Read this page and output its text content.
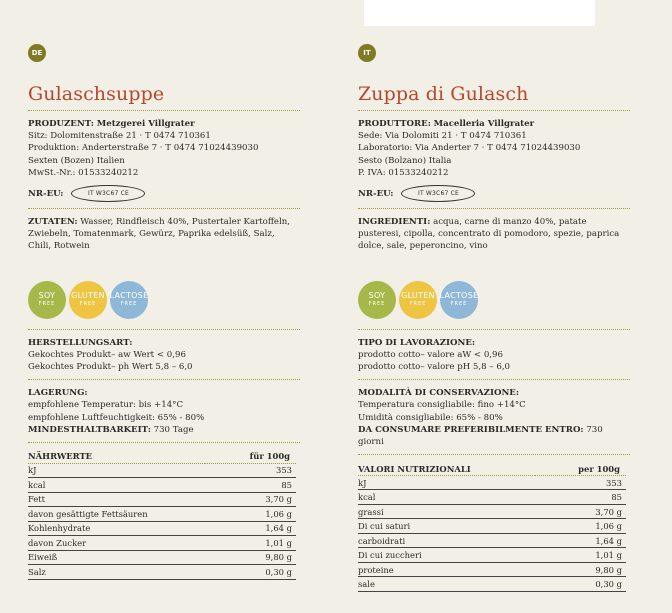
DE
Gulaschsuppe
PRODUZENT: Metzgerei Villgrater
Sitz: Dolomitenstraße 21 · T 0474 710361
Produktion: Anderterstraße 7 · T 0474 71024439030
Sexten (Bozen) Italien
MwSt.-Nr.: 01533240212
NR-EU:	IT W3C67 CE
ZUTATEN: Wasser, Rindfleisch 40%, Pustertaler Kartoffeln, Zwiebeln, Tomatenmark, Gewürz, Paprika edelsüß, Salz, Chili, Rotwein
SOY
FREE
GLUTEN
FREE
LACTOSE
FREE
HERSTELLUNGSART:
Gekochtes Produkt– aw Wert < 0,96
Gekochtes Produkt– ph Wert 5,8 – 6,0
LAGERUNG:
empfohlene Temperatur: bis +14°C
empfohlene Luftfeuchtigkeit: 65% - 80%
MINDESTHALTBARKEIT: 730 Tage
NÄHRWERTE	für 100g
kJ	353
kcal	85
Fett	3,70 g
davon gesättigte Fettsäuren	1,06 g
Kohlenhydrate	1,64 g
davon Zucker	1,01 g
Eiweiß	9,80 g
Salz	0,30 g
IT
Zuppa di Gulasch
PRODUTTORE: Macelleria Villgrater
Sede: Via Dolomiti 21 · T 0474 710361
Laboratorio: Via Anderter 7 · T 0474 71024439030
Sesto (Bolzano) Italia
P. IVA: 01533240212
NR-EU:	IT W3C67 CE
INGREDIENTI: acqua, carne di manzo 40%, patate pusteresi, cipolla, concentrato di pomodoro, spezie, paprica dolce, sale, peperoncino, vino
SOY
FREE
GLUTEN
FREE
LACTOSE
FREE
TIPO DI LAVORAZIONE:
prodotto cotto– valore aW < 0,96
prodotto cotto– valore pH 5,8 – 6,0
MODALITÀ DI CONSERVAZIONE:
Temperatura consigliabile: fino +14°C
Umidità consigliabile: 65% - 80%
DA CONSUMARE PREFERIBILMENTE ENTRO: 730 giorni
VALORI NUTRIZIONALI	per 100g
kJ	353
kcal	85
grassi	3,70 g
Di cui saturi	1,06 g
carboidrati	1,64 g
Di cui zuccheri	1,01 g
proteine	9,80 g
sale	0,30 g
